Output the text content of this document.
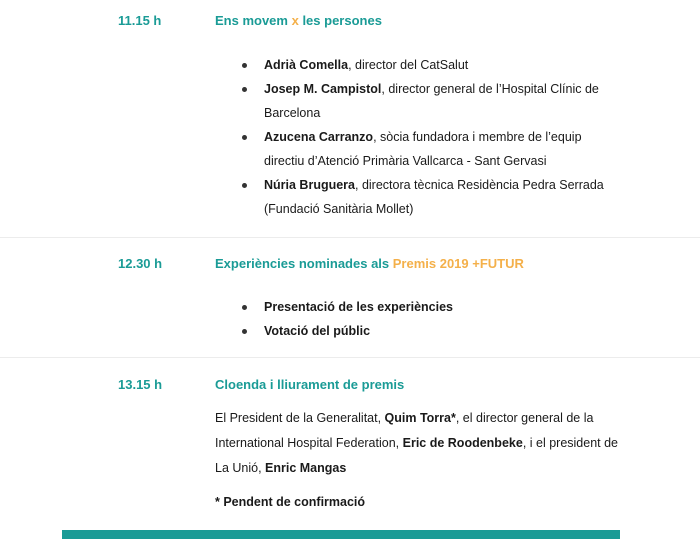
11.15 h	Ens movem x les persones
Adrià Comella, director del CatSalut
Josep M. Campistol, director general de l’Hospital Clínic de Barcelona
Azucena Carranzo, sòcia fundadora i membre de l’equip directiu d’Atenció Primària Vallcarca - Sant Gervasi
Núria Bruguera, directora tècnica Residència Pedra Serrada (Fundació Sanitària Mollet)
12.30 h	Experiències nominades als Premis 2019 +FUTUR
Presentació de les experiències
Votació del públic
13.15 h	Cloenda i lliurament de premis
El President de la Generalitat, Quim Torra*, el director general de la International Hospital Federation, Eric de Roodenbeke, i el president de La Unió, Enric Mangas
* Pendent de confirmació
